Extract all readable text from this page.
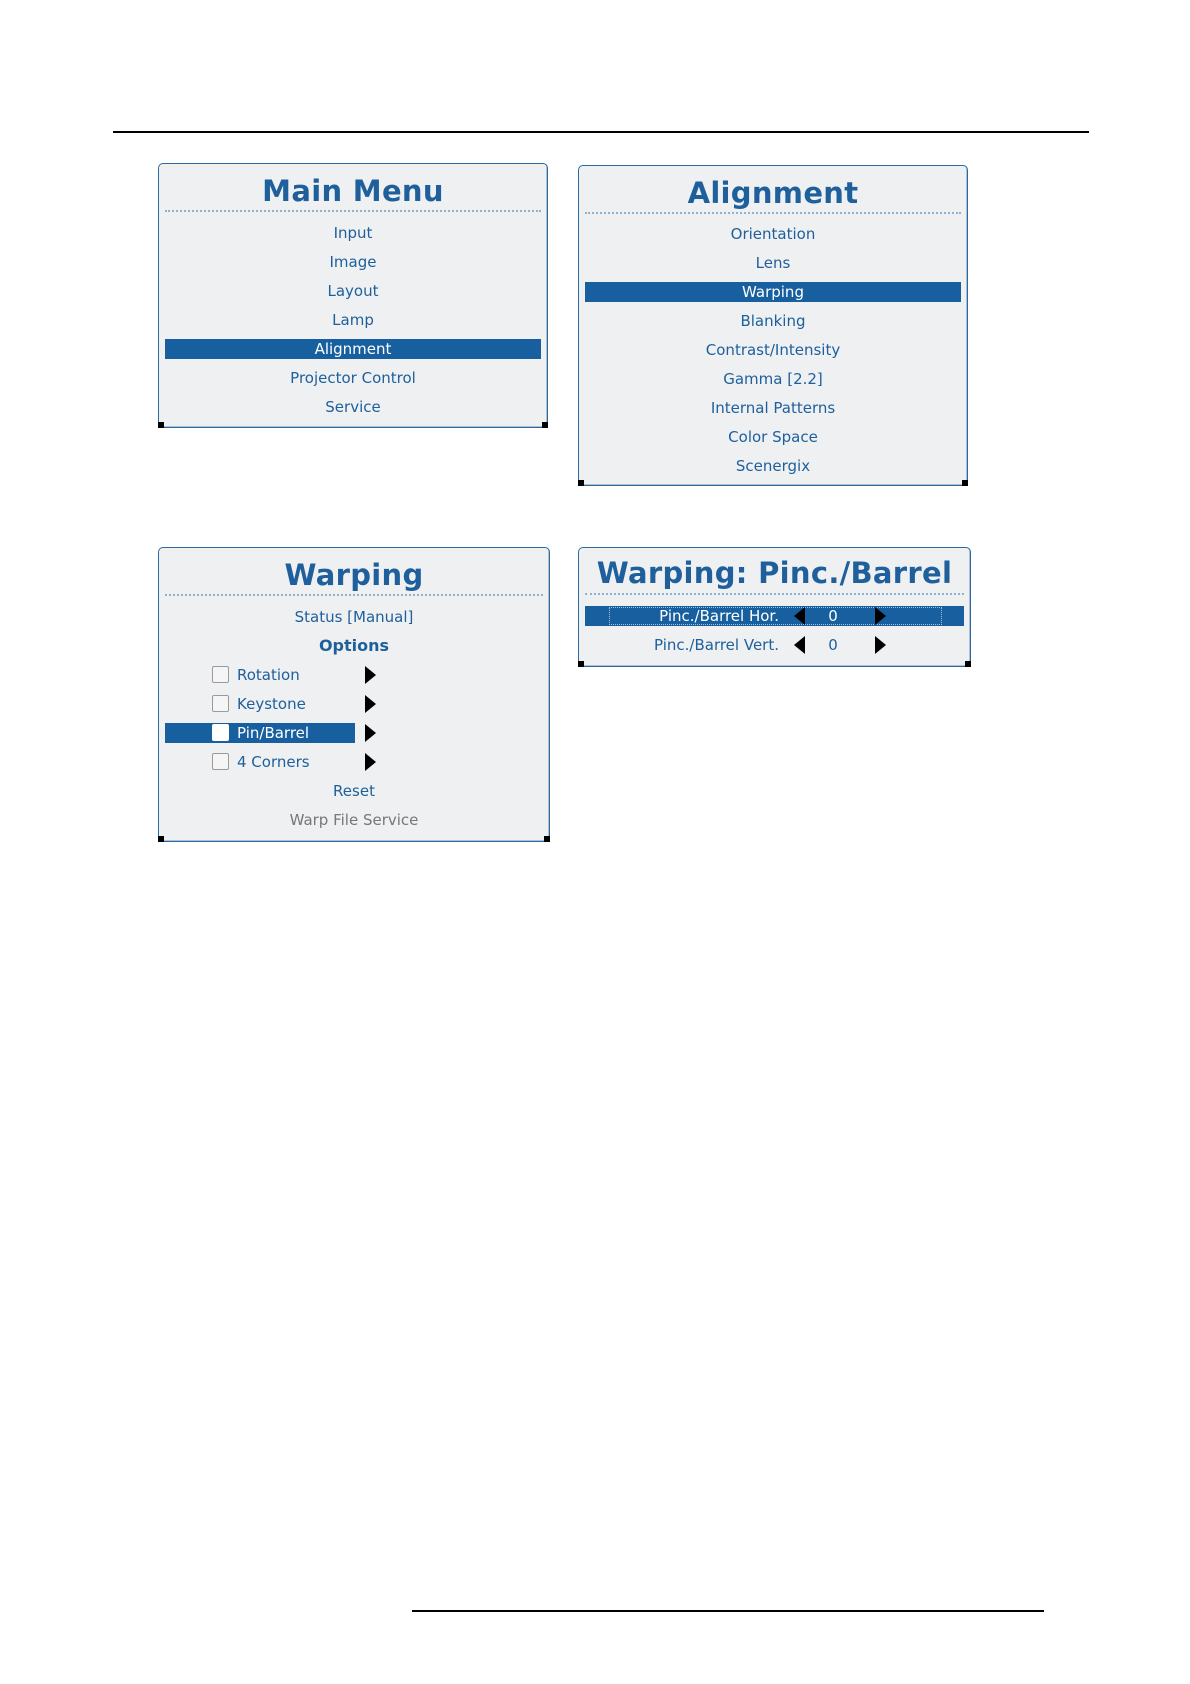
Main Menu
Input
Image
Layout
Lamp
Alignment
Projector Control
Service
Alignment
Orientation
Lens
Warping
Blanking
Contrast/Intensity
Gamma [2.2]
Internal Patterns
Color Space
Scenergix
Warping
Status [Manual]
Options
Rotation
Keystone
Pin/Barrel
4 Corners
Reset
Warp File Service
Warping: Pinc./Barrel
Pinc./Barrel Hor.	0
Pinc./Barrel Vert.	0
